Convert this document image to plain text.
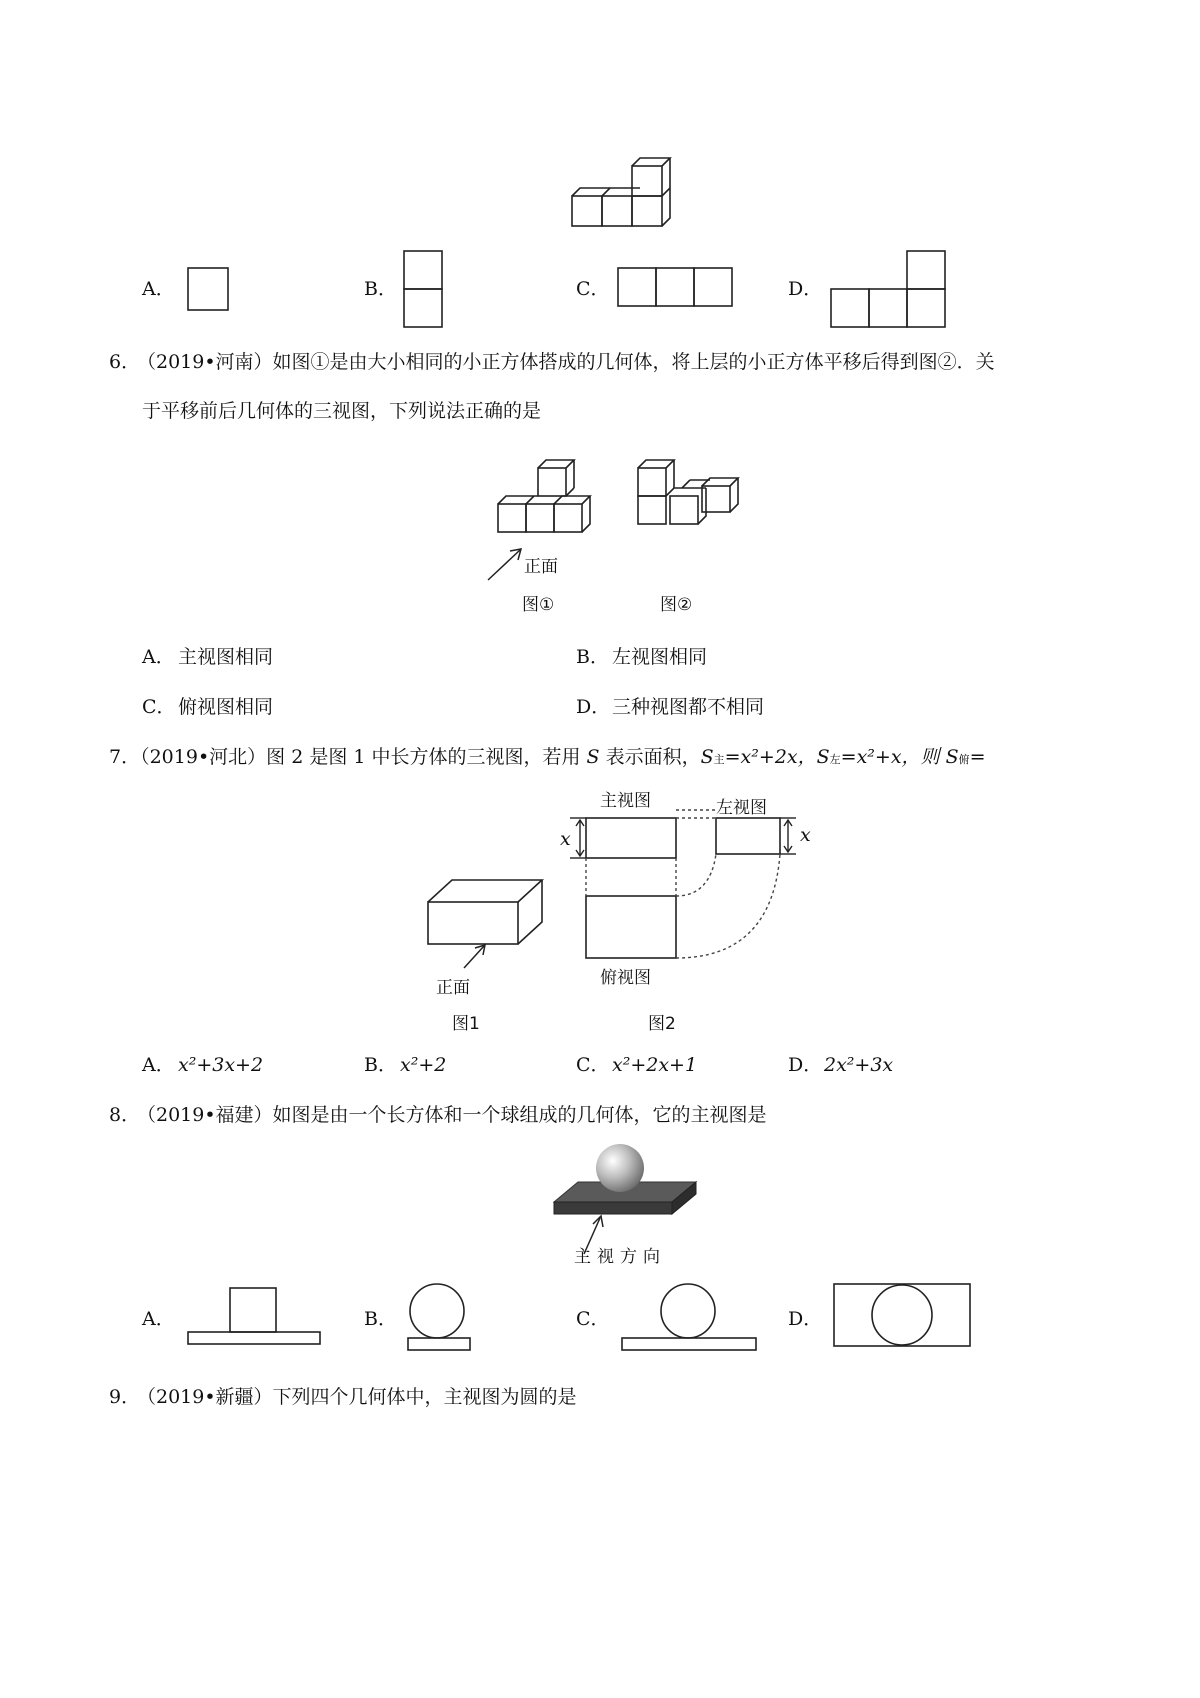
A．	B．	C．	D．
6．
（2019•河南）如图①是由大小相同的小正方体搭成的几何体，将上层的小正方体平移后得到图②．关
于平移前后几何体的三视图，下列说法正确的是
正面
图①	图②
A． 主视图相同	B． 左视图相同
C． 俯视图相同	D． 三种视图都不相同
7．（2019•河北）图 2 是图 1 中长方体的三视图，若用 S 表示面积，S主=x²+2x，S左=x²+x，则 S俯=
主视图	左视图
x	x
俯视图
正面
图1	图2
A． x²+3x+2	B． x²+2	C． x²+2x+1	D． 2x²+3x
8．
（2019•福建）如图是由一个长方体和一个球组成的几何体，它的主视图是
主视方向
A．	B．	C．	D．
9．
（2019•新疆）下列四个几何体中，主视图为圆的是
